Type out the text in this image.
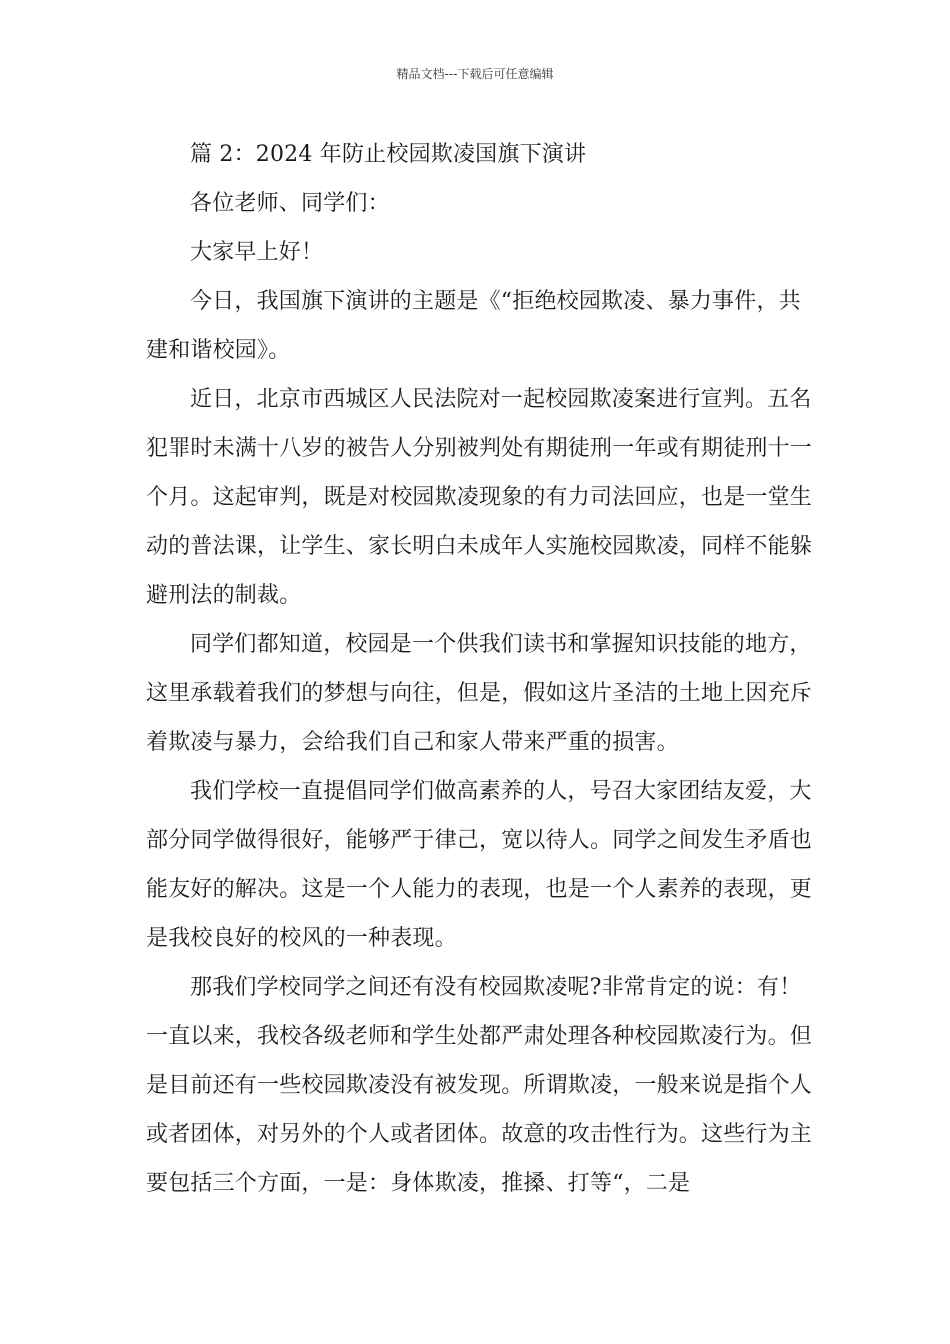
精品文档---下载后可任意编辑

篇 2：2024 年防止校园欺凌国旗下演讲

各位老师、同学们：

大家早上好！

今日，我国旗下演讲的主题是《“拒绝校园欺凌、暴力事件，共建和谐校园》。

近日，北京市西城区人民法院对一起校园欺凌案进行宣判。五名犯罪时未满十八岁的被告人分别被判处有期徒刑一年或有期徒刑十一个月。这起审判，既是对校园欺凌现象的有力司法回应，也是一堂生动的普法课，让学生、家长明白未成年人实施校园欺凌，同样不能躲避刑法的制裁。

同学们都知道，校园是一个供我们读书和掌握知识技能的地方，这里承载着我们的梦想与向往，但是，假如这片圣洁的土地上因充斥着欺凌与暴力，会给我们自己和家人带来严重的损害。

我们学校一直提倡同学们做高素养的人，号召大家团结友爱，大部分同学做得很好，能够严于律己，宽以待人。同学之间发生矛盾也能友好的解决。这是一个人能力的表现，也是一个人素养的表现，更是我校良好的校风的一种表现。

那我们学校同学之间还有没有校园欺凌呢?非常肯定的说：有！一直以来，我校各级老师和学生处都严肃处理各种校园欺凌行为。但是目前还有一些校园欺凌没有被发现。所谓欺凌，一般来说是指个人或者团体，对另外的个人或者团体。故意的攻击性行为。这些行为主要包括三个方面，一是：身体欺凌，推搡、打等“，二是
